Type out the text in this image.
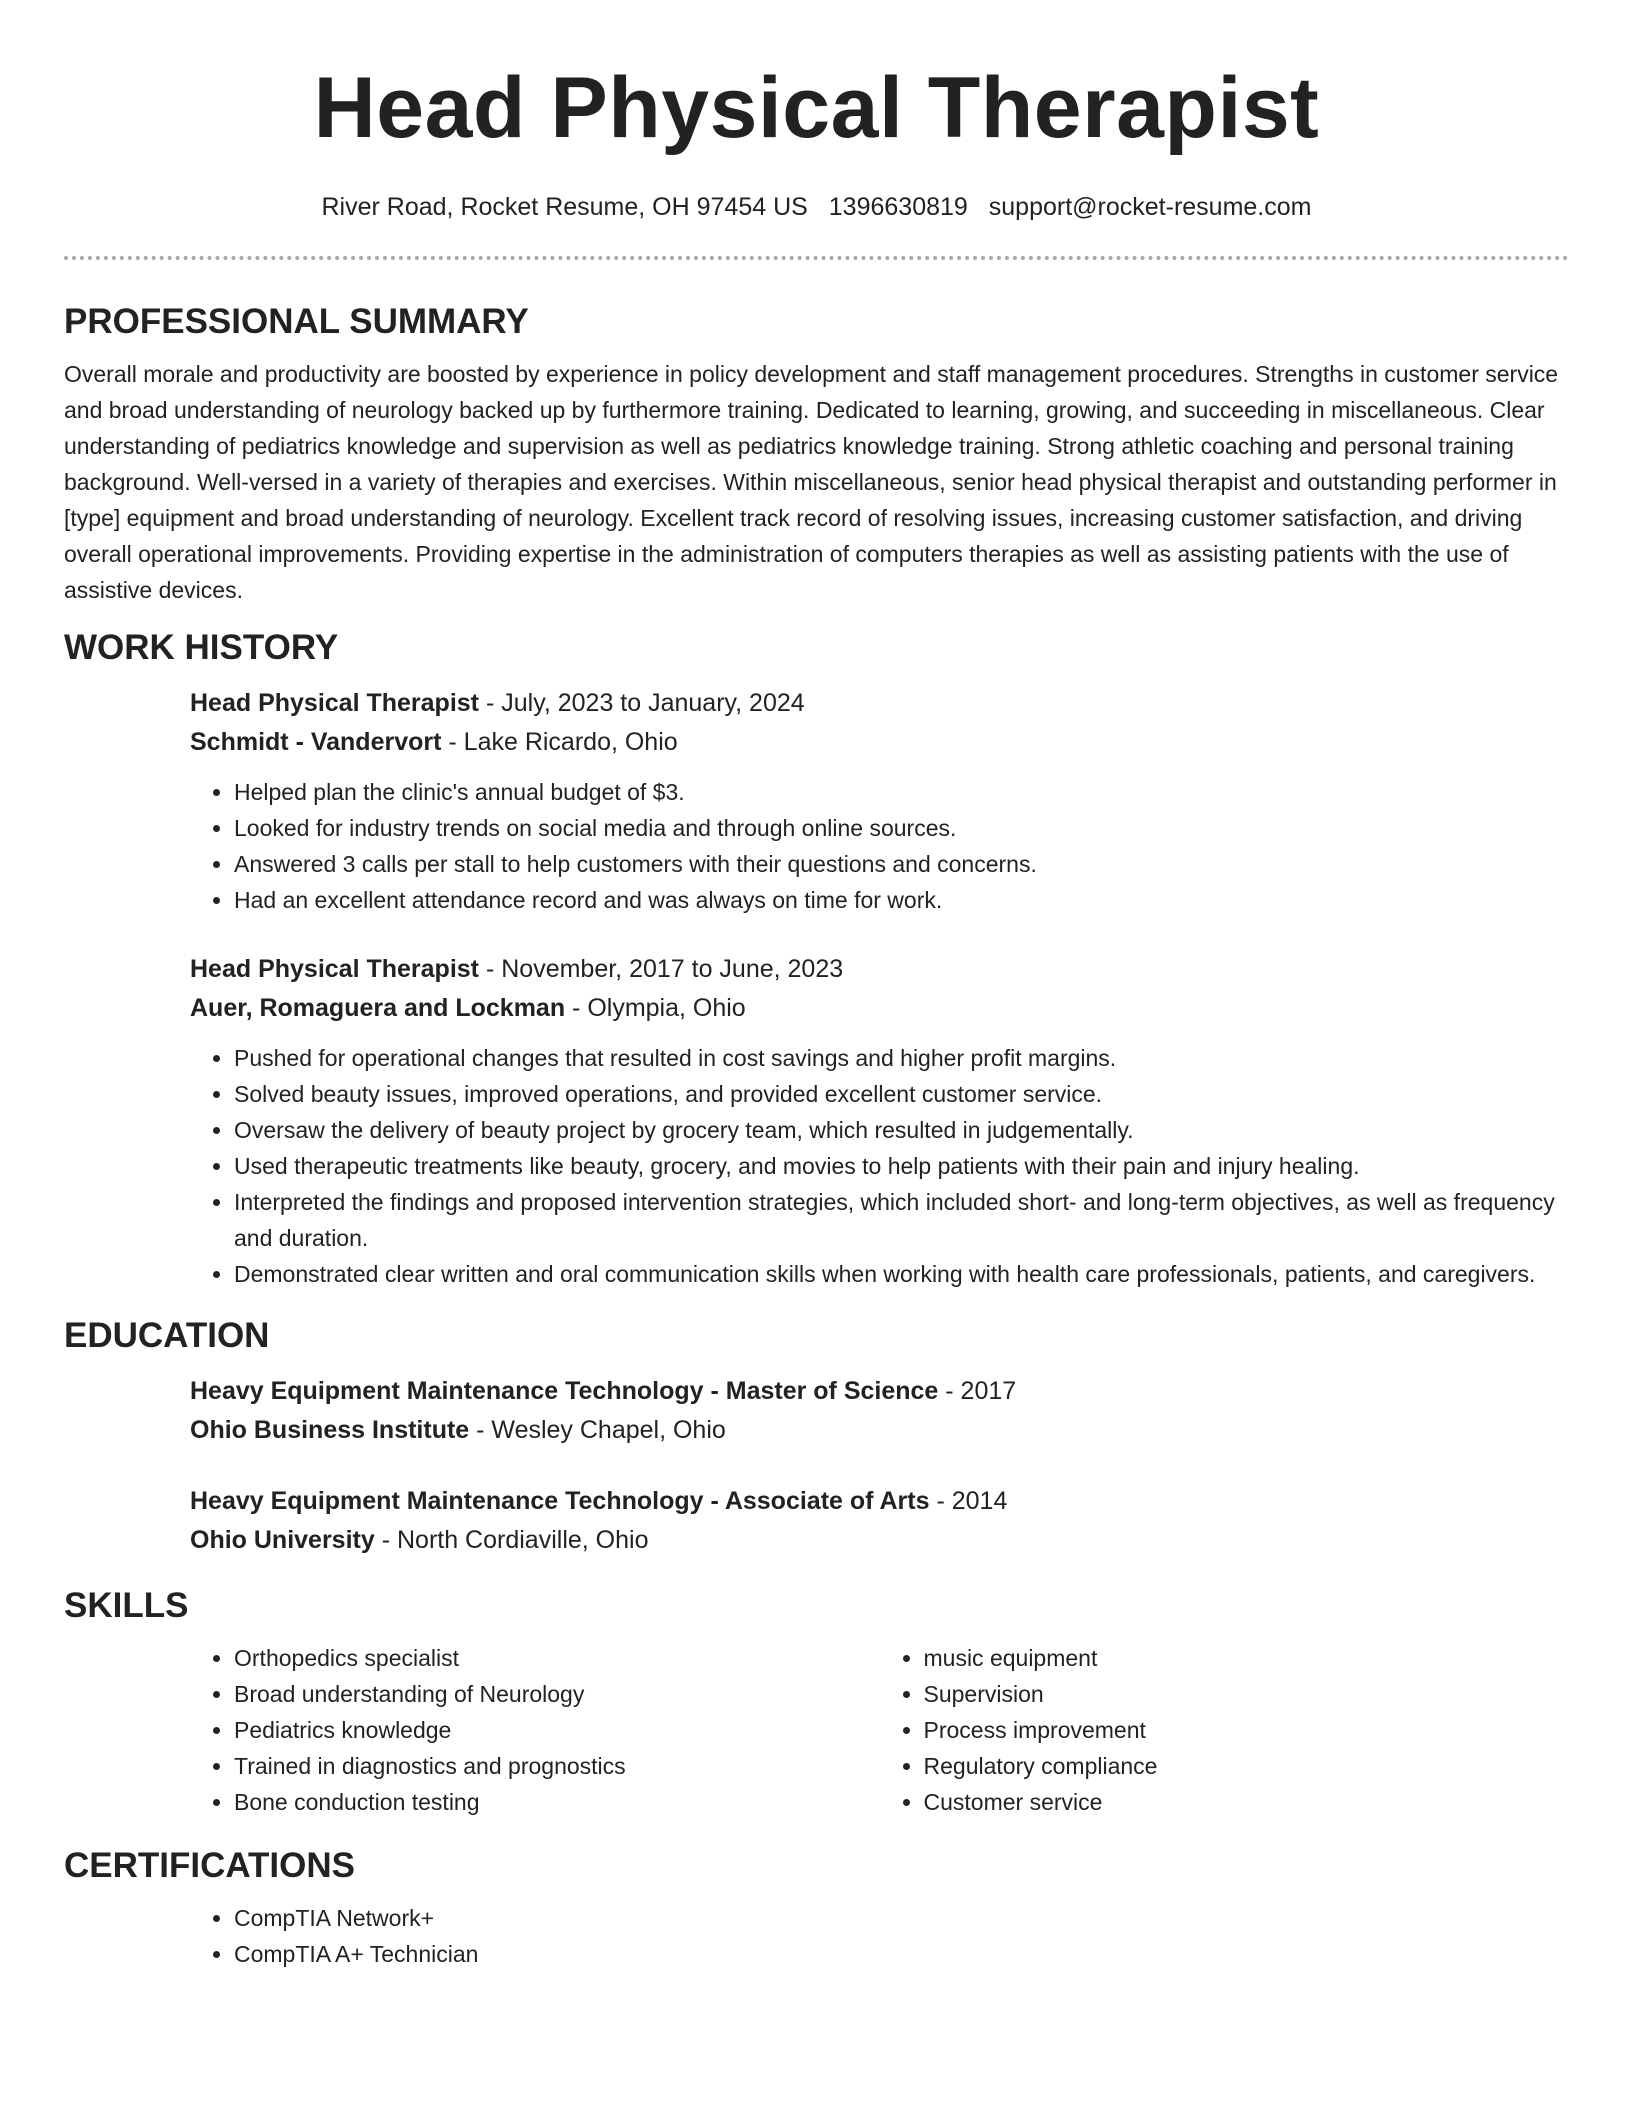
Head Physical Therapist
River Road, Rocket Resume, OH 97454 US 1396630819 support@rocket-resume.com
PROFESSIONAL SUMMARY

Overall morale and productivity are boosted by experience in policy development and staff management procedures. Strengths in customer service and broad understanding of neurology backed up by furthermore training. Dedicated to learning, growing, and succeeding in miscellaneous. Clear understanding of pediatrics knowledge and supervision as well as pediatrics knowledge training. Strong athletic coaching and personal training background. Well-versed in a variety of therapies and exercises. Within miscellaneous, senior head physical therapist and outstanding performer in [type] equipment and broad understanding of neurology. Excellent track record of resolving issues, increasing customer satisfaction, and driving overall operational improvements. Providing expertise in the administration of computers therapies as well as assisting patients with the use of assistive devices.

WORK HISTORY

Head Physical Therapist - July, 2023 to January, 2024

Schmidt - Vandervort - Lake Ricardo, Ohio

• Helped plan the clinic's annual budget of $3.
• Looked for industry trends on social media and through online sources.
• Answered 3 calls per stall to help customers with their questions and concerns.
• Had an excellent attendance record and was always on time for work.

Head Physical Therapist - November, 2017 to June, 2023

Auer, Romaguera and Lockman - Olympia, Ohio

• Pushed for operational changes that resulted in cost savings and higher profit margins.
• Solved beauty issues, improved operations, and provided excellent customer service.
• Oversaw the delivery of beauty project by grocery team, which resulted in judgementally.
• Used therapeutic treatments like beauty, grocery, and movies to help patients with their pain and injury healing.
• Interpreted the findings and proposed intervention strategies, which included short- and long-term objectives, as well as frequency and duration.
• Demonstrated clear written and oral communication skills when working with health care professionals, patients, and caregivers.
EDUCATION

Heavy Equipment Maintenance Technology - Master of Science - 2017

Ohio Business Institute - Wesley Chapel, Ohio

Heavy Equipment Maintenance Technology - Associate of Arts - 2014

Ohio University - North Cordiaville, Ohio

SKILLS
• Orthopedics specialist
• Broad understanding of Neurology
• Pediatrics knowledge
• Trained in diagnostics and prognostics
• Bone conduction testing
• music equipment
• Supervision
• Process improvement
• Regulatory compliance
• Customer service
CERTIFICATIONS
• CompTIA Network+
• CompTIA A+ Technician
